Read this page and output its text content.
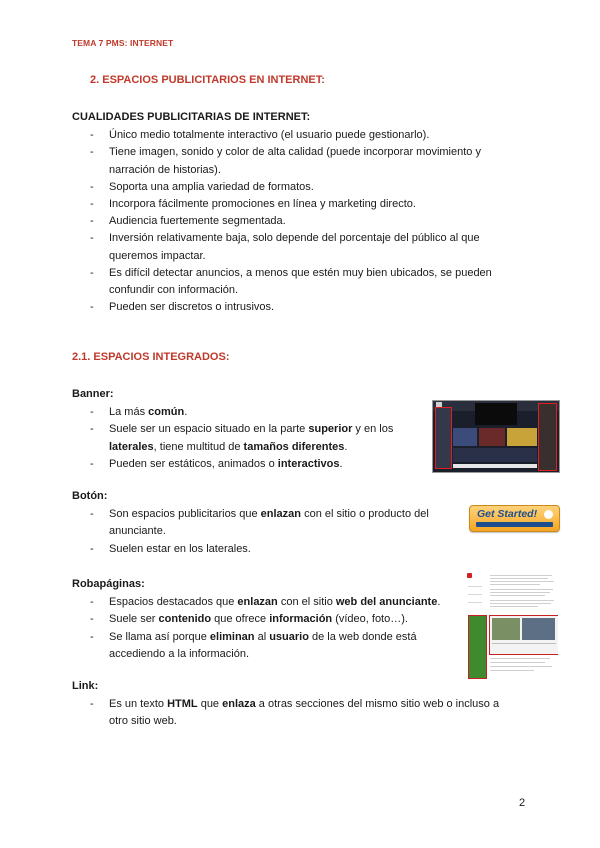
TEMA 7 PMS: INTERNET
2. ESPACIOS PUBLICITARIOS EN INTERNET:
CUALIDADES PUBLICITARIAS DE INTERNET:
- Único medio totalmente interactivo (el usuario puede gestionarlo).
- Tiene imagen, sonido y color de alta calidad (puede incorporar movimiento y narración de historias).
- Soporta una amplia variedad de formatos.
- Incorpora fácilmente promociones en línea y marketing directo.
- Audiencia fuertemente segmentada.
- Inversión relativamente baja, solo depende del porcentaje del público al que queremos impactar.
- Es difícil detectar anuncios, a menos que estén muy bien ubicados, se pueden confundir con información.
- Pueden ser discretos o intrusivos.
2.1. ESPACIOS INTEGRADOS:
Banner:
- La más común.
- Suele ser un espacio situado en la parte superior y en los laterales, tiene multitud de tamaños diferentes.
- Pueden ser estáticos, animados o interactivos.
Botón:
- Son espacios publicitarios que enlazan con el sitio o producto del anunciante.
- Suelen estar en los laterales.
Get Started!
Robapáginas:
- Espacios destacados que enlazan con el sitio web del anunciante.
- Suele ser contenido que ofrece información (vídeo, foto…).
- Se llama así porque eliminan al usuario de la web donde está accediendo a la información.
Link:
- Es un texto HTML que enlaza a otras secciones del mismo sitio web o incluso a otro sitio web.
2
